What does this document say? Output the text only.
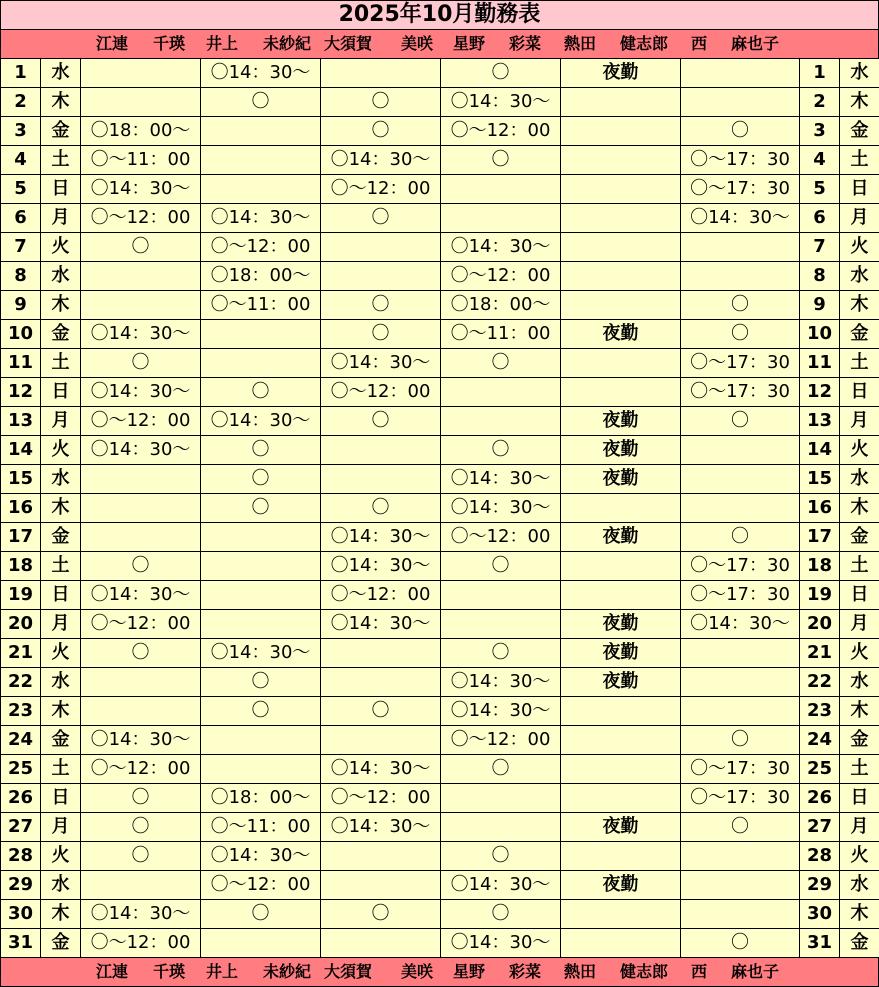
2025年10月勤務表
江連 千瑛 井上 未紗紀 大須賀 美咲 星野 彩菜 熱田 健志郎 西 麻也子
1	水		〇14：30〜		〇	夜勤		1	水
2	木		〇	〇	〇14：30〜			2	木
3	金	〇18：00〜		〇	〇〜12：00		〇	3	金
4	土	〇〜11：00		〇14：30〜	〇		〇〜17：30	4	土
5	日	〇14：30〜		〇〜12：00			〇〜17：30	5	日
6	月	〇〜12：00	〇14：30〜	〇			〇14：30〜	6	月
7	火	〇	〇〜12：00		〇14：30〜			7	火
8	水		〇18：00〜		〇〜12：00			8	水
9	木		〇〜11：00	〇	〇18：00〜		〇	9	木
10	金	〇14：30〜		〇	〇〜11：00	夜勤	〇	10	金
11	土	〇		〇14：30〜	〇		〇〜17：30	11	土
12	日	〇14：30〜	〇	〇〜12：00			〇〜17：30	12	日
13	月	〇〜12：00	〇14：30〜	〇		夜勤	〇	13	月
14	火	〇14：30〜	〇		〇	夜勤		14	火
15	水		〇		〇14：30〜	夜勤		15	水
16	木		〇	〇	〇14：30〜			16	木
17	金			〇14：30〜	〇〜12：00	夜勤	〇	17	金
18	土	〇		〇14：30〜	〇		〇〜17：30	18	土
19	日	〇14：30〜		〇〜12：00			〇〜17：30	19	日
20	月	〇〜12：00		〇14：30〜		夜勤	〇14：30〜	20	月
21	火	〇	〇14：30〜		〇	夜勤		21	火
22	水		〇		〇14：30〜	夜勤		22	水
23	木		〇	〇	〇14：30〜			23	木
24	金	〇14：30〜			〇〜12：00		〇	24	金
25	土	〇〜12：00		〇14：30〜	〇		〇〜17：30	25	土
26	日	〇	〇18：00〜	〇〜12：00			〇〜17：30	26	日
27	月	〇	〇〜11：00	〇14：30〜		夜勤	〇	27	月
28	火	〇	〇14：30〜		〇			28	火
29	水		〇〜12：00		〇14：30〜	夜勤		29	水
30	木	〇14：30〜	〇	〇	〇			30	木
31	金	〇〜12：00			〇14：30〜		〇	31	金
江連 千瑛 井上 未紗紀 大須賀 美咲 星野 彩菜 熱田 健志郎 西 麻也子
